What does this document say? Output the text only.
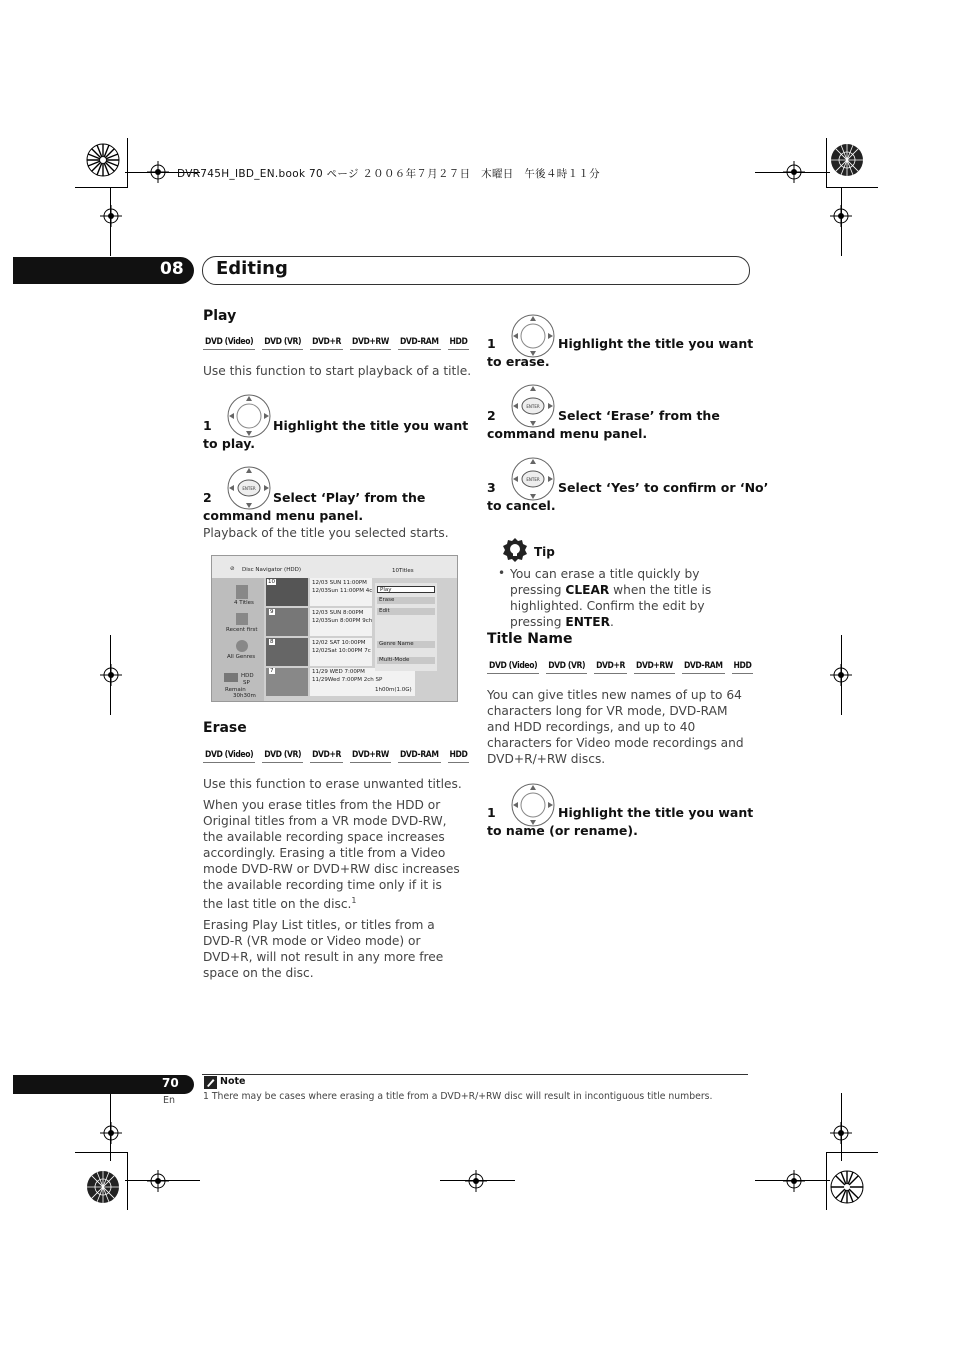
DVR745H_IBD_EN.book 70 ページ ２００６年７月２７日　木曜日　午後４時１１分
08 Editing
Play
DVD (Video) DVD (VR) DVD+R DVD+RW DVD-RAM HDD
Use this function to start playback of a title.
1	Highlight the title you want
to play.
ENTER
2	Select ‘Play’ from the
command menu panel.
Playback of the title you selected starts.
⊘ Disc Navigator (HDD)	10Titles
4 Titles
Recent first
All Genres
HDD
SP
Remain
30h30m
10
9
8
7
12/03 SUN 11:00PM
12/03Sun 11:00PM 4c
12/03 SUN 8:00PM
12/03Sun 8:00PM 9ch
12/02 SAT 10:00PM
12/02Sat 10:00PM 7c
11/29 WED 7:00PM
11/29Wed 7:00PM 2ch SP
1h00m(1.0G)
Play
Erase
Edit
Genre Name
Multi-Mode
Erase
DVD (Video) DVD (VR) DVD+R DVD+RW DVD-RAM HDD
Use this function to erase unwanted titles.
When you erase titles from the HDD or Original titles from a VR mode DVD-RW, the available recording space increases accordingly. Erasing a title from a Video mode DVD-RW or DVD+RW disc increases the available recording time only if it is the last title on the disc.$^1$
Erasing Play List titles, or titles from a DVD-R (VR mode or Video mode) or DVD+R, will not result in any more free space on the disc.
1	Highlight the title you want
to erase.
ENTER
2	Select ‘Erase’ from the
command menu panel.
ENTER
3	Select ‘Yes’ to confirm or ‘No’
to cancel.
Tip
• You can erase a title quickly by pressing CLEAR when the title is highlighted. Confirm the edit by pressing ENTER.
Title Name
DVD (Video) DVD (VR) DVD+R DVD+RW DVD-RAM HDD
You can give titles new names of up to 64 characters long for VR mode, DVD-RAM and HDD recordings, and up to 40 characters for Video mode recordings and DVD+R/+RW discs.
1	Highlight the title you want
to name (or rename).
70
En
Note
1 There may be cases where erasing a title from a DVD+R/+RW disc will result in incontiguous title numbers.
